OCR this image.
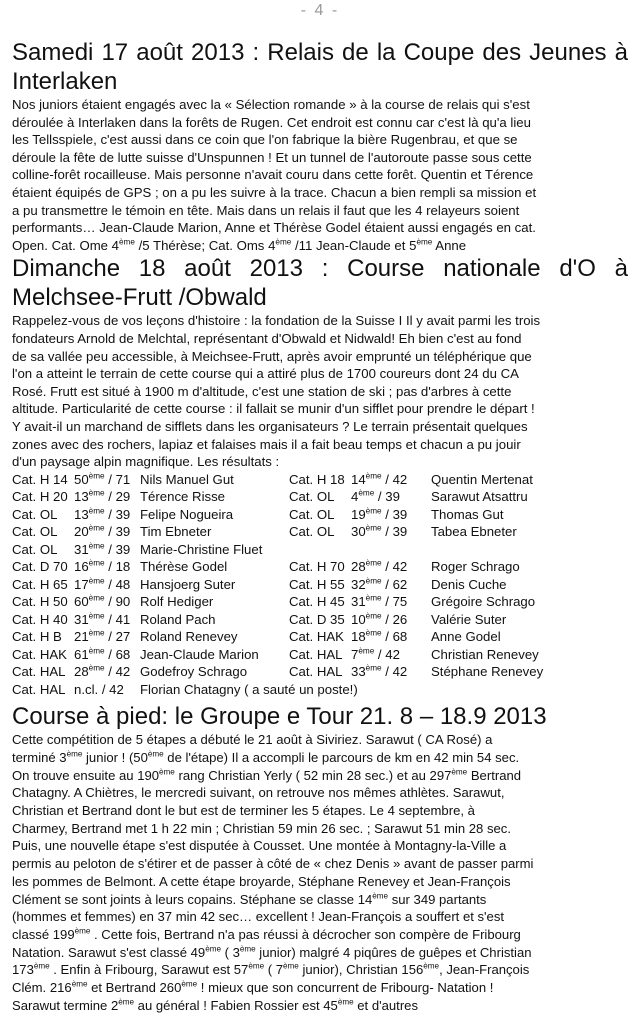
- 4 -
Samedi 17 août 2013 : Relais de la Coupe des Jeunes à Interlaken

Nos juniors étaient engagés avec la « Sélection romande » à la course de relais qui s'est
déroulée à Interlaken dans la forêts de Rugen. Cet endroit est connu car c'est là qu'a lieu
les Tellsspiele, c'est aussi dans ce coin que l'on fabrique la bière Rugenbrau, et que se
déroule la fête de lutte suisse d'Unspunnen ! Et un tunnel de l'autoroute passe sous cette
colline-forêt rocailleuse. Mais personne n'avait couru dans cette forêt. Quentin et Térence
étaient équipés de GPS ; on a pu les suivre à la trace. Chacun a bien rempli sa mission et
a pu transmettre le témoin en tête. Mais dans un relais il faut que les 4 relayeurs soient
performants… Jean-Claude Marion, Anne et Thérèse Godel étaient aussi engagés en cat.
Open. Cat. Ome 4ème /5 Thérèse; Cat. Oms 4ème /11 Jean-Claude et 5ème Anne

Dimanche 18 août 2013 : Course nationale d'O à Melchsee-Frutt /Obwald

Rappelez-vous de vos leçons d'histoire : la fondation de la Suisse I Il y avait parmi les trois
fondateurs Arnold de Melchtal, représentant d'Obwald et Nidwald! Eh bien c'est au fond
de sa vallée peu accessible, à Meichsee-Frutt, après avoir emprunté un téléphérique que
l'on a atteint le terrain de cette course qui a attiré plus de 1700 coureurs dont 24 du CA
Rosé. Frutt est situé à 1900 m d'altitude, c'est une station de ski ; pas d'arbres à cette
altitude. Particularité de cette course : il fallait se munir d'un sifflet pour prendre le départ !
Y avait-il un marchand de sifflets dans les organisateurs ? Le terrain présentait quelques
zones avec des rochers, lapiaz et falaises mais il a fait beau temps et chacun a pu jouir
d'un paysage alpin magnifique. Les résultats :

Cat. H 14	50ème / 71	Nils Manuel Gut	Cat. H 18	14ème / 42	Quentin Mertenat
Cat. H 20	13ème / 29	Térence Risse	Cat. OL	4ème / 39	Sarawut Atsattru
Cat. OL	13ème / 39	Felipe Nogueira	Cat. OL	19ème / 39	Thomas Gut
Cat. OL	20ème / 39	Tim Ebneter	Cat. OL	30ème / 39	Tabea Ebneter
Cat. OL	31ème / 39	Marie-Christine Fluet			
Cat. D 70	16ème / 18	Thérèse Godel	Cat. H 70	28ème / 42	Roger Schrago
Cat. H 65	17ème / 48	Hansjoerg Suter	Cat. H 55	32ème / 62	Denis Cuche
Cat. H 50	60ème / 90	Rolf Hediger	Cat. H 45	31ème / 75	Grégoire Schrago
Cat. H 40	31ème / 41	Roland Pach	Cat. D 35	10ème / 26	Valérie Suter
Cat. H B	21ème / 27	Roland Renevey	Cat. HAK	18ème / 68	Anne Godel
Cat. HAK	61ème / 68	Jean-Claude Marion	Cat. HAL	7ème / 42	Christian Renevey
Cat. HAL	28ème / 42	Godefroy Schrago	Cat. HAL	33ème / 42	Stéphane Renevey
Cat. HAL	n.cl. / 42	Florian Chatagny ( a sauté un poste!)			
Course à pied: le Groupe e Tour 21. 8 – 18.9 2013

Cette compétition de 5 étapes a débuté le 21 août à Siviriez. Sarawut ( CA Rosé) a
terminé 3ème junior ! (50ème de l'étape) Il a accompli le parcours de km en 42 min 54 sec.
On trouve ensuite au 190ème rang Christian Yerly ( 52 min 28 sec.) et au 297ème Bertrand
Chatagny. A Chiètres, le mercredi suivant, on retrouve nos mêmes athlètes. Sarawut,
Christian et Bertrand dont le but est de terminer les 5 étapes. Le 4 septembre, à
Charmey, Bertrand met 1 h 22 min ; Christian 59 min 26 sec. ; Sarawut 51 min 28 sec.
Puis, une nouvelle étape s'est disputée à Cousset. Une montée à Montagny-la-Ville a
permis au peloton de s'étirer et de passer à côté de « chez Denis » avant de passer parmi
les pommes de Belmont. A cette étape broyarde, Stéphane Renevey et Jean-François
Clément se sont joints à leurs copains. Stéphane se classe 14ème sur 349 partants
(hommes et femmes) en 37 min 42 sec… excellent ! Jean-François a souffert et s'est
classé 199ème . Cette fois, Bertrand n'a pas réussi à décrocher son compère de Fribourg
Natation. Sarawut s'est classé 49ème ( 3ème junior) malgré 4 piqûres de guêpes et Christian
173ème . Enfin à Fribourg, Sarawut est 57ème ( 7ème junior), Christian 156ème, Jean-François
Clém. 216ème et Bertrand 260ème ! mieux que son concurrent de Fribourg- Natation !
Sarawut termine 2ème au général ! Fabien Rossier est 45ème et d'autres
